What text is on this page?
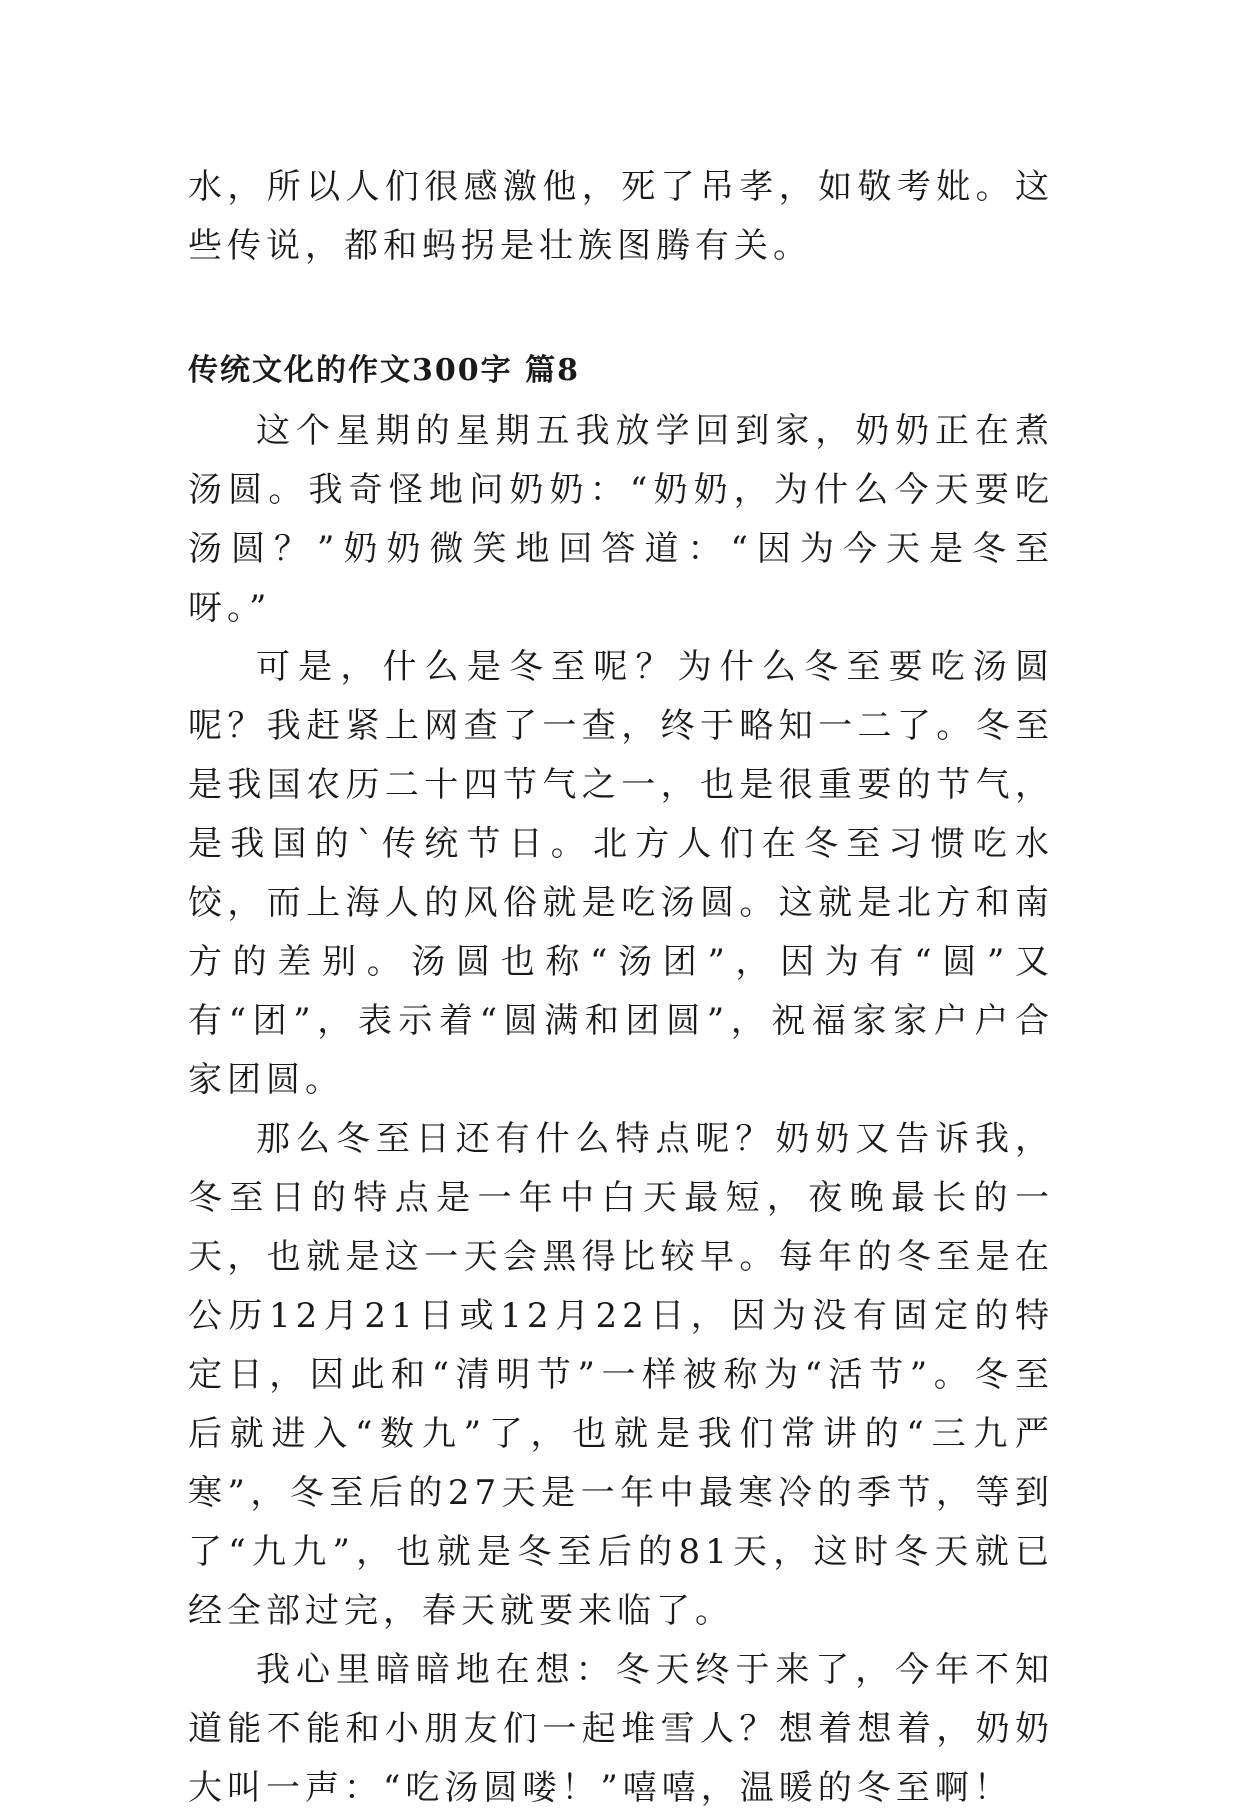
水，所以人们很感激他，死了吊孝，如敬考妣。这些传说，都和蚂拐是壮族图腾有关。

传统文化的作文300字 篇8

这个星期的星期五我放学回到家，奶奶正在煮汤圆。我奇怪地问奶奶：“奶奶，为什么今天要吃汤圆？”奶奶微笑地回答道：“因为今天是冬至呀。”

可是，什么是冬至呢？为什么冬至要吃汤圆呢？我赶紧上网查了一查，终于略知一二了。冬至是我国农历二十四节气之一，也是很重要的节气，是我国的`传统节日。北方人们在冬至习惯吃水饺，而上海人的风俗就是吃汤圆。这就是北方和南方的差别。汤圆也称“汤团”，因为有“圆”又有“团”，表示着“圆满和团圆”，祝福家家户户合家团圆。

那么冬至日还有什么特点呢？奶奶又告诉我，冬至日的特点是一年中白天最短，夜晚最长的一天，也就是这一天会黑得比较早。每年的冬至是在公历12月21日或12月22日，因为没有固定的特定日，因此和“清明节”一样被称为“活节”。冬至后就进入“数九”了，也就是我们常讲的“三九严寒”，冬至后的27天是一年中最寒冷的季节，等到了“九九”，也就是冬至后的81天，这时冬天就已经全部过完，春天就要来临了。

我心里暗暗地在想：冬天终于来了，今年不知道能不能和小朋友们一起堆雪人？想着想着，奶奶大叫一声：“吃汤圆喽！”嘻嘻，温暖的冬至啊！
